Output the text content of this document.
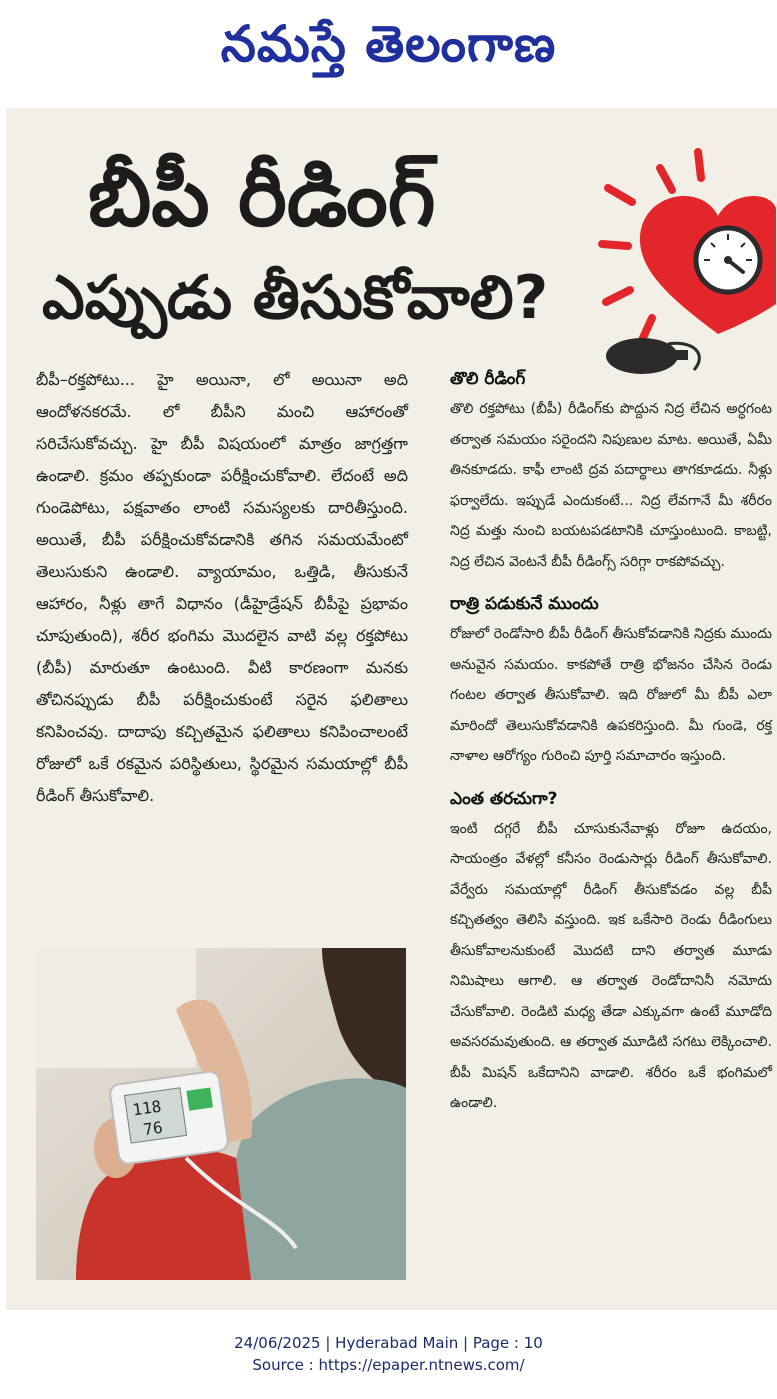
నమస్తే తెలంగాణ
బీపీ రీడింగ్‌
ఎప్పుడు తీసుకోవాలి?

బీపీ–రక్తపోటు... హై అయినా, లో అయినా అది ఆందోళనకరమే. లో బీపీని మంచి ఆహారంతో సరిచేసుకోవచ్చు. హై బీపీ విషయంలో మాత్రం జాగ్రత్తగా ఉండాలి. క్రమం తప్పకుండా పరీక్షించుకోవాలి. లేదంటే అది గుండెపోటు, పక్షవాతం లాంటి సమస్యలకు దారితీస్తుంది. అయితే, బీపీ పరీక్షించుకోవడానికి తగిన సమయమేంటో తెలుసుకుని ఉండాలి. వ్యాయామం, ఒత్తిడి, తీసుకునే ఆహారం, నీళ్లు తాగే విధానం (డీహైడ్రేషన్‌ బీపీపై ప్రభావం చూపుతుంది), శరీర భంగిమ మొదలైన వాటి వల్ల రక్తపోటు (బీపీ) మారుతూ ఉంటుంది. వీటి కారణంగా మనకు తోచినప్పుడు బీపీ పరీక్షించుకుంటే సరైన ఫలితాలు కనిపించవు. దాదాపు కచ్చితమైన ఫలితాలు కనిపించాలంటే రోజులో ఒకే రకమైన పరిస్థితులు, స్థిరమైన సమయాల్లో బీపీ రీడింగ్‌ తీసుకోవాలి.

తొలి రీడింగ్‌

తొలి రక్తపోటు (బీపీ) రీడింగ్‌కు పొద్దున నిద్ర లేచిన అర్ధగంట తర్వాత సమయం సరైందని నిపుణుల మాట. అయితే, ఏమీ తినకూడదు. కాఫీ లాంటి ద్రవ పదార్థాలు తాగకూడదు. నీళ్లు ఫర్వాలేదు. ఇప్పుడే ఎందుకంటే... నిద్ర లేవగానే మీ శరీరం నిద్ర మత్తు నుంచి బయటపడటానికి చూస్తుంటుంది. కాబట్టి, నిద్ర లేచిన వెంటనే బీపీ రీడింగ్స్‌ సరిగ్గా రాకపోవచ్చు.

రాత్రి పడుకునే ముందు

రోజులో రెండోసారి బీపీ రీడింగ్‌ తీసుకోవడానికి నిద్రకు ముందు అనువైన సమయం. కాకపోతే రాత్రి భోజనం చేసిన రెండు గంటల తర్వాత తీసుకోవాలి. ఇది రోజులో మీ బీపీ ఎలా మారిందో తెలుసుకోవడానికి ఉపకరిస్తుంది. మీ గుండె, రక్త నాళాల ఆరోగ్యం గురించి పూర్తి సమాచారం ఇస్తుంది.

ఎంత తరచుగా?

ఇంటి దగ్గరే బీపీ చూసుకునేవాళ్లు రోజూ ఉదయం, సాయంత్రం వేళల్లో కనీసం రెండుసార్లు రీడింగ్‌ తీసుకోవాలి. వేర్వేరు సమయాల్లో రీడింగ్‌ తీసుకోవడం వల్ల బీపీ కచ్చితత్వం తెలిసి వస్తుంది. ఇక ఒకేసారి రెండు రీడింగులు తీసుకోవాలనుకుంటే మొదటి దాని తర్వాత మూడు నిమిషాలు ఆగాలి. ఆ తర్వాత రెండోదానినీ నమోదు చేసుకోవాలి. రెండిటి మధ్య తేడా ఎక్కువగా ఉంటే మూడోది అవసరమవుతుంది. ఆ తర్వాత మూడిటి సగటు లెక్కించాలి. బీపీ మిషన్‌ ఒకేదానిని వాడాలి. శరీరం ఒకే భంగిమలో ఉండాలి.

118
76
24/06/2025 | Hyderabad Main | Page : 10
Source : https://epaper.ntnews.com/
